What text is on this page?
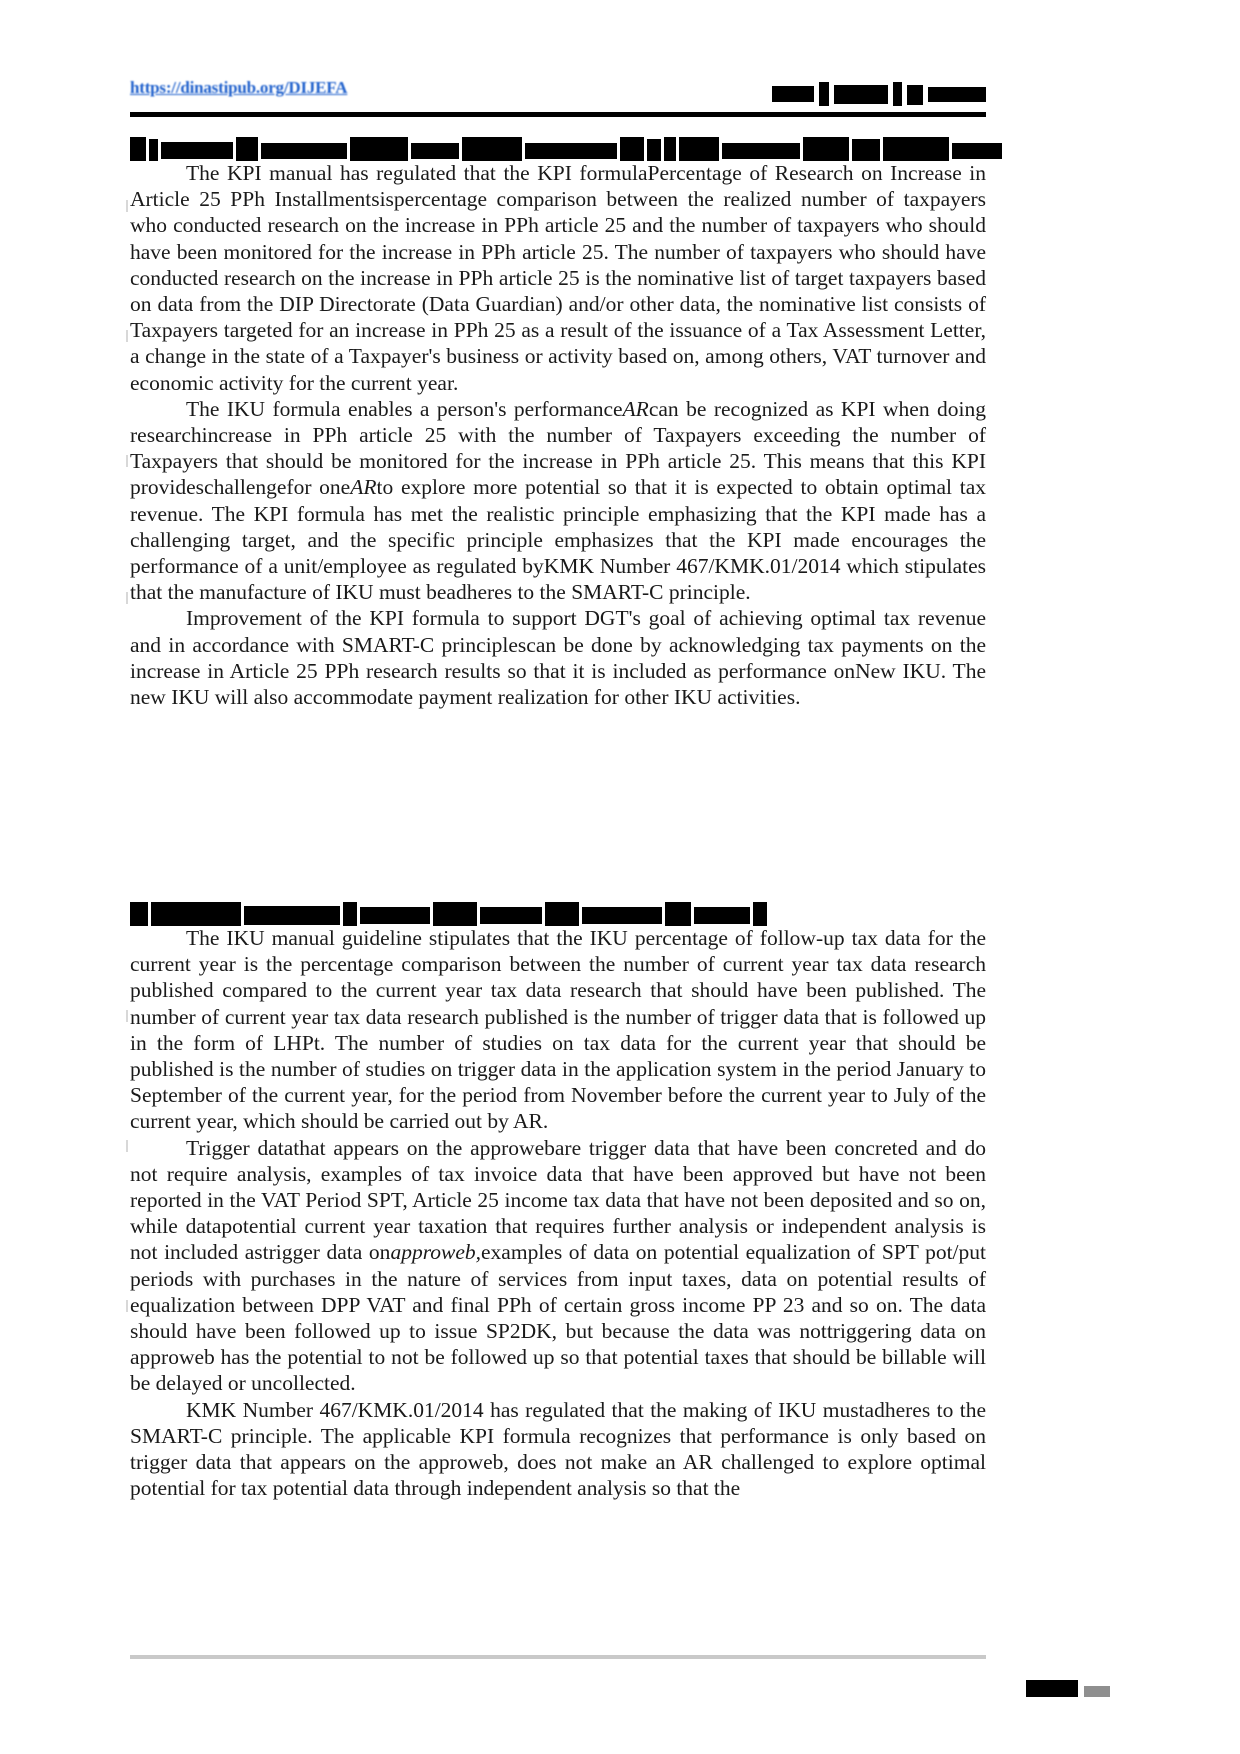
https://dinastipub.org/DIJEFA

The KPI manual has regulated that the KPI formulaPercentage of Research on Increase in Article 25 PPh Installmentsispercentage comparison between the realized number of taxpayers who conducted research on the increase in PPh article 25 and the number of taxpayers who should have been monitored for the increase in PPh article 25. The number of taxpayers who should have conducted research on the increase in PPh article 25 is the nominative list of target taxpayers based on data from the DIP Directorate (Data Guardian) and/or other data, the nominative list consists of Taxpayers targeted for an increase in PPh 25 as a result of the issuance of a Tax Assessment Letter, a change in the state of a Taxpayer's business or activity based on, among others, VAT turnover and economic activity for the current year.

The IKU formula enables a person's performanceARcan be recognized as KPI when doing researchincrease in PPh article 25 with the number of Taxpayers exceeding the number of Taxpayers that should be monitored for the increase in PPh article 25. This means that this KPI provideschallengefor oneARto explore more potential so that it is expected to obtain optimal tax revenue. The KPI formula has met the realistic principle emphasizing that the KPI made has a challenging target, and the specific principle emphasizes that the KPI made encourages the performance of a unit/employee as regulated byKMK Number 467/KMK.01/2014 which stipulates that the manufacture of IKU must beadheres to the SMART-C principle.

Improvement of the KPI formula to support DGT's goal of achieving optimal tax revenue and in accordance with SMART-C principlescan be done by acknowledging tax payments on the increase in Article 25 PPh research results so that it is included as performance onNew IKU. The new IKU will also accommodate payment realization for other IKU activities.

The IKU manual guideline stipulates that the IKU percentage of follow-up tax data for the current year is the percentage comparison between the number of current year tax data research published compared to the current year tax data research that should have been published. The number of current year tax data research published is the number of trigger data that is followed up in the form of LHPt. The number of studies on tax data for the current year that should be published is the number of studies on trigger data in the application system in the period January to September of the current year, for the period from November before the current year to July of the current year, which should be carried out by AR.

Trigger datathat appears on the approwebare trigger data that have been concreted and do not require analysis, examples of tax invoice data that have been approved but have not been reported in the VAT Period SPT, Article 25 income tax data that have not been deposited and so on, while datapotential current year taxation that requires further analysis or independent analysis is not included astrigger data onapproweb,examples of data on potential equalization of SPT pot/put periods with purchases in the nature of services from input taxes, data on potential results of equalization between DPP VAT and final PPh of certain gross income PP 23 and so on. The data should have been followed up to issue SP2DK, but because the data was nottriggering data on approweb has the potential to not be followed up so that potential taxes that should be billable will be delayed or uncollected.

KMK Number 467/KMK.01/2014 has regulated that the making of IKU mustadheres to the SMART-C principle. The applicable KPI formula recognizes that performance is only based on trigger data that appears on the approweb, does not make an AR challenged to explore optimal potential for tax potential data through independent analysis so that the
